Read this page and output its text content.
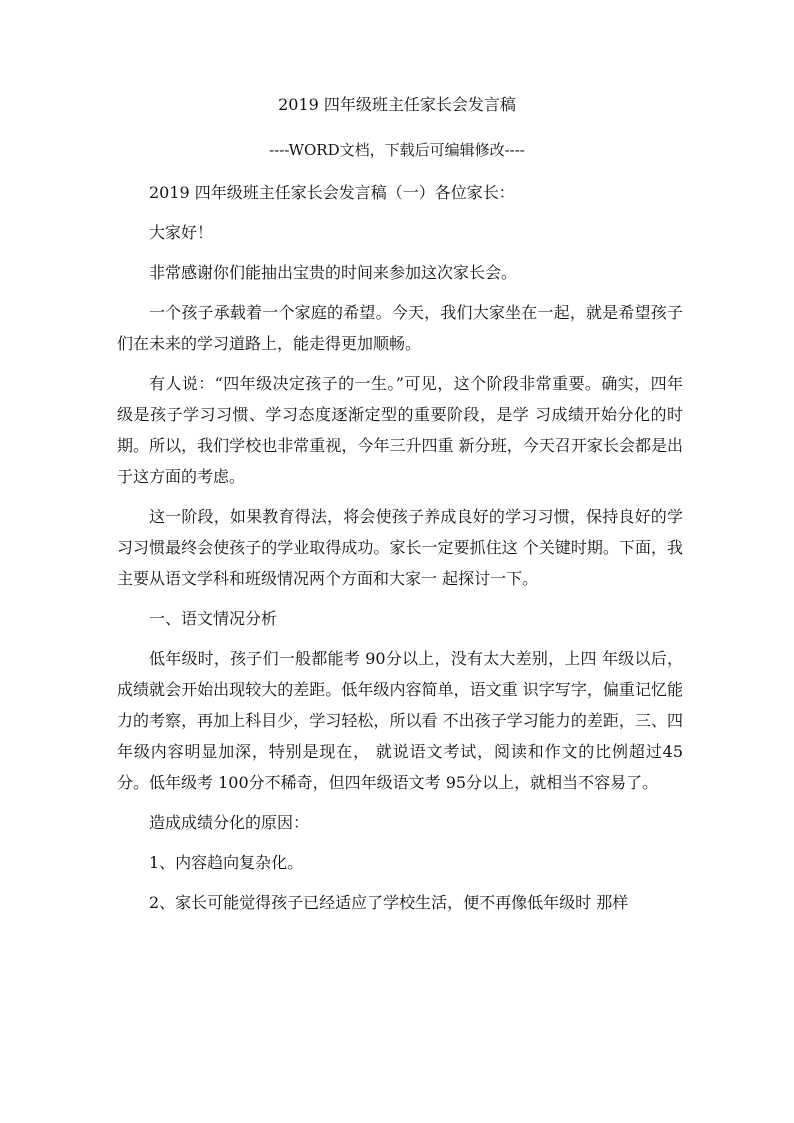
2019 四年级班主任家长会发言稿
----WORD文档，下载后可编辑修改----

2019 四年级班主任家长会发言稿（一）各位家长：

大家好！

非常感谢你们能抽出宝贵的时间来参加这次家长会。

一个孩子承载着一个家庭的希望。今天，我们大家坐在一起，就是希望孩子们在未来的学习道路上，能走得更加顺畅。

有人说：“四年级决定孩子的一生。”可见，这个阶段非常重要。确实，四年级是孩子学习习惯、学习态度逐渐定型的重要阶段，是学 习成绩开始分化的时期。所以，我们学校也非常重视，今年三升四重 新分班，今天召开家长会都是出于这方面的考虑。

这一阶段，如果教育得法，将会使孩子养成良好的学习习惯，保持良好的学习习惯最终会使孩子的学业取得成功。家长一定要抓住这 个关键时期。下面，我主要从语文学科和班级情况两个方面和大家一 起探讨一下。

一、语文情况分析

低年级时，孩子们一般都能考 90分以上，没有太大差别，上四 年级以后，成绩就会开始出现较大的差距。低年级内容简单，语文重 识字写字，偏重记忆能力的考察，再加上科目少，学习轻松，所以看 不出孩子学习能力的差距，三、四年级内容明显加深，特别是现在， 就说语文考试，阅读和作文的比例超过45分。低年级考 100分不稀奇，但四年级语文考 95分以上，就相当不容易了。

造成成绩分化的原因：

1、内容趋向复杂化。

2、家长可能觉得孩子已经适应了学校生活，便不再像低年级时 那样
